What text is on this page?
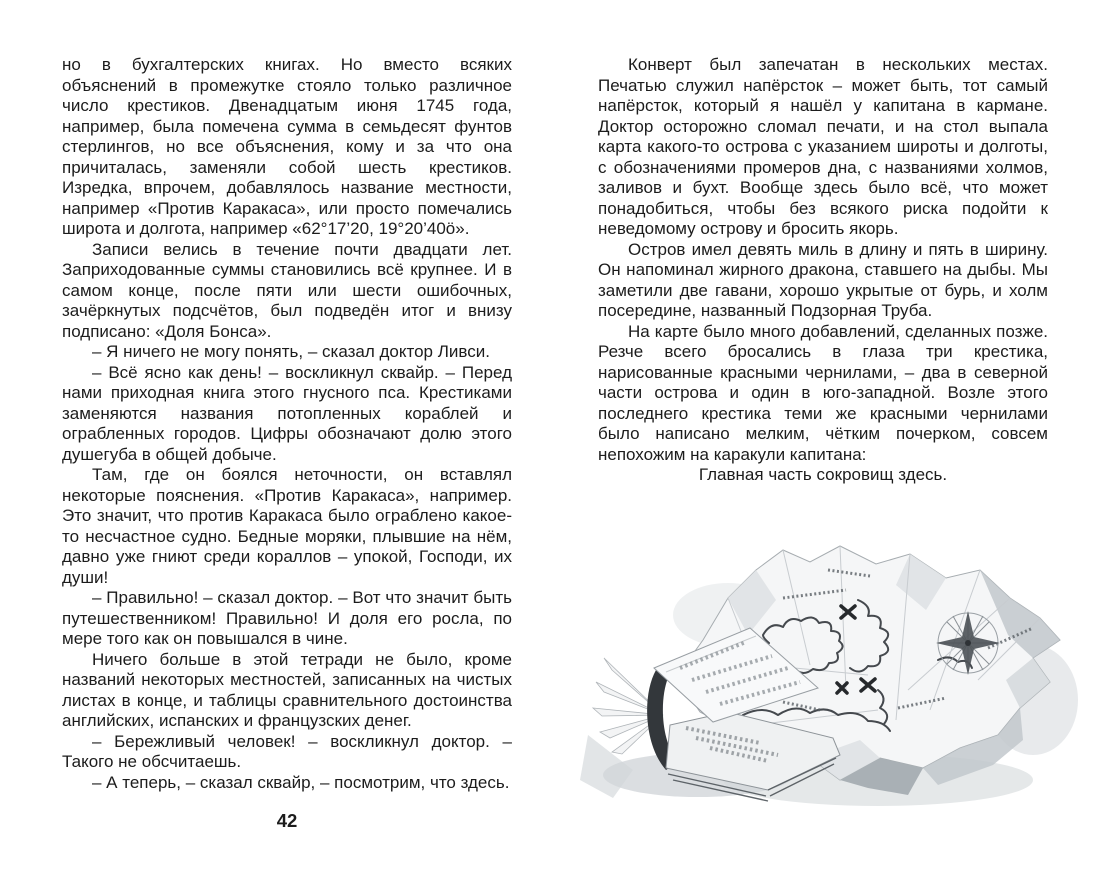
но в бухгалтерских книгах. Но вместо всяких объяснений в промежутке стояло только различное число крестиков. Двенадцатым июня 1745 года, например, была помечена сумма в семьдесят фунтов стерлингов, но все объяснения, кому и за что она причиталась, заменяли собой шесть крестиков. Изредка, впрочем, добавлялось название местности, например «Против Каракаса», или просто помечались широта и долгота, например «62°17’20, 19°20’40ö».

Записи велись в течение почти двадцати лет. Заприходованные суммы становились всё крупнее. И в самом конце, после пяти или шести ошибочных, зачёркнутых подсчётов, был подведён итог и внизу подписано: «Доля Бонса».

– Я ничего не могу понять, – сказал доктор Ливси.

– Всё ясно как день! – воскликнул сквайр. – Перед нами приходная книга этого гнусного пса. Крестиками заменяются названия потопленных кораблей и ограбленных городов. Цифры обозначают долю этого душегуба в общей добыче.

Там, где он боялся неточности, он вставлял некоторые пояснения. «Против Каракаса», например. Это значит, что против Каракаса было ограблено какое-то несчастное судно. Бедные моряки, плывшие на нём, давно уже гниют среди кораллов – упокой, Господи, их души!

– Правильно! – сказал доктор. – Вот что значит быть путешественником! Правильно! И доля его росла, по мере того как он повышался в чине.

Ничего больше в этой тетради не было, кроме названий некоторых местностей, записанных на чистых листах в конце, и таблицы сравнительного достоинства английских, испанских и французских денег.

– Бережливый человек! – воскликнул доктор. – Такого не обсчитаешь.

– А теперь, – сказал сквайр, – посмотрим, что здесь.

Конверт был запечатан в нескольких местах. Печатью служил напёрсток – может быть, тот самый напёрсток, который я нашёл у капитана в кармане. Доктор осторожно сломал печати, и на стол выпала карта какого-то острова с указанием широты и долготы, с обозначениями промеров дна, с названиями холмов, заливов и бухт. Вообще здесь было всё, что может понадобиться, чтобы без всякого риска подойти к неведомому острову и бросить якорь.

Остров имел девять миль в длину и пять в ширину. Он напоминал жирного дракона, ставшего на дыбы. Мы заметили две гавани, хорошо укрытые от бурь, и холм посередине, названный Подзорная Труба.

На карте было много добавлений, сделанных позже. Резче всего бросались в глаза три крестика, нарисованные красными чернилами, – два в северной части острова и один в юго-западной. Возле этого последнего крестика теми же красными чернилами было написано мелким, чётким почерком, совсем непохожим на каракули капитана:

Главная часть сокровищ здесь.

42
